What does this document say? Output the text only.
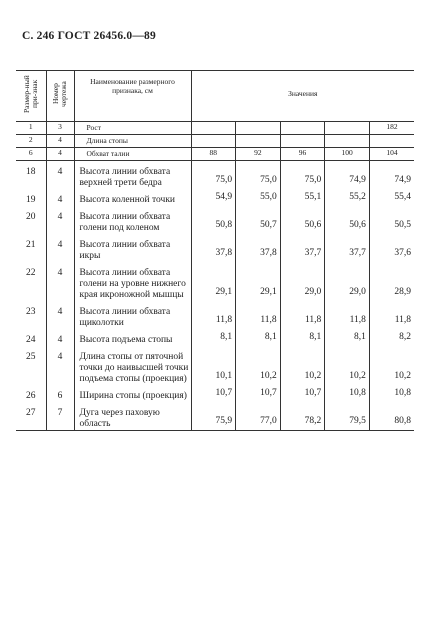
С. 246 ГОСТ 26456.0—89
Размер-ный при-знак	Номер чертежа	Наименование размерного признака, см	Значения				

1	3	Рост					182
2	4	Длина стопы					
6	4	Обхват талии	88	92	96	100	104
18	4	Высота линии обхвата верхней трети бедра	75,0	75,0	75,0	74,9	74,9
19	4	Высота коленной точки	54,9	55,0	55,1	55,2	55,4
20	4	Высота линии обхвата голени под коленом	50,8	50,7	50,6	50,6	50,5
21	4	Высота линии обхвата икры	37,8	37,8	37,7	37,7	37,6
22	4	Высота линии обхвата голени на уровне нижнего края икроножной мышцы	29,1	29,1	29,0	29,0	28,9
23	4	Высота линии обхвата щиколотки	11,8	11,8	11,8	11,8	11,8
24	4	Высота подъема стопы	8,1	8,1	8,1	8,1	8,2
25	4	Длина стопы от пяточной точки до наивысшей точки подъема стопы (проекция)	10,1	10,2	10,2	10,2	10,2
26	6	Ширина стопы (проекция)	10,7	10,7	10,7	10,8	10,8
27	7	Дуга через паховую область	75,9	77,0	78,2	79,5	80,8
